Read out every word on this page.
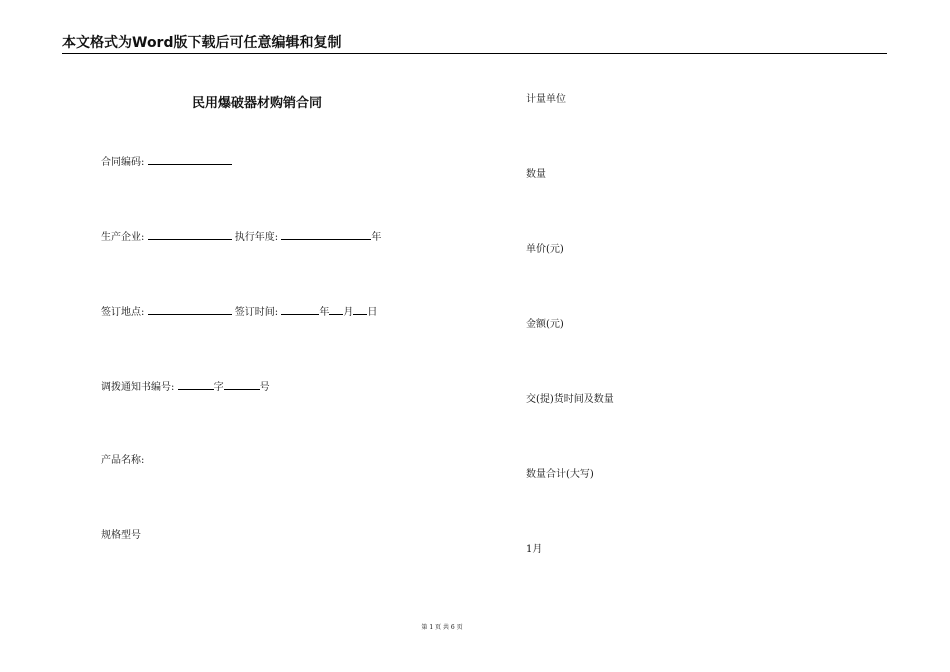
本文格式为Word版下载后可任意编辑和复制
民用爆破器材购销合同
合同编码:
生产企业:	执行年度:	年
签订地点:	签订时间:	年 月 日
调拨通知书编号:	字	号
产品名称:
规格型号
计量单位
数量
单价(元)
金额(元)
交(提)货时间及数量
数量合计(大写)
1月
第 1 页 共 6 页
